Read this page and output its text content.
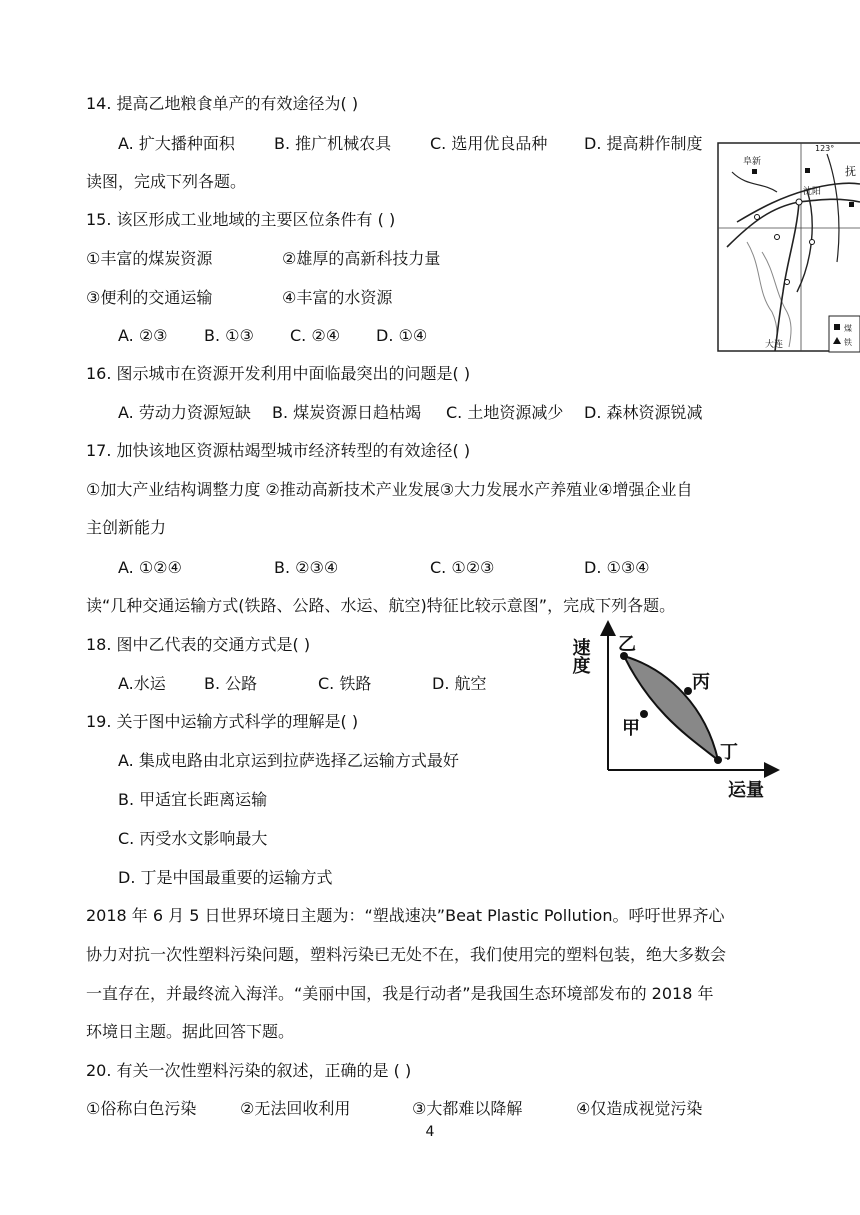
14. 提高乙地粮食单产的有效途径为( )
A. 扩大播种面积 B. 推广机械农具 C. 选用优良品种 D. 提高耕作制度
读图，完成下列各题。
15. 该区形成工业地域的主要区位条件有 ( )
①丰富的煤炭资源	②雄厚的高新科技力量
③便利的交通运输	④丰富的水资源
A. ②③ B. ①③ C. ②④ D. ①④
123°
阜新
沈阳
抚
大连
煤
铁
16. 图示城市在资源开发利用中面临最突出的问题是( )
A. 劳动力资源短缺 B. 煤炭资源日趋枯竭 C. 土地资源减少 D. 森林资源锐减
17. 加快该地区资源枯竭型城市经济转型的有效途径( )
①加大产业结构调整力度 ②推动高新技术产业发展③大力发展水产养殖业④增强企业自
主创新能力
A. ①②④	B. ②③④	C. ①②③	D. ①③④
读“几种交通运输方式(铁路、公路、水运、航空)特征比较示意图”，完成下列各题。
18. 图中乙代表的交通方式是( )
A.水运 B. 公路	C. 铁路	D. 航空
速度
运量
乙
丙
甲
丁
19. 关于图中运输方式科学的理解是( )
A. 集成电路由北京运到拉萨选择乙运输方式最好
B. 甲适宜长距离运输
C. 丙受水文影响最大
D. 丁是中国最重要的运输方式
2018 年 6 月 5 日世界环境日主题为：“塑战速决”Beat Plastic Pollution。呼吁世界齐心
协力对抗一次性塑料污染问题，塑料污染已无处不在，我们使用完的塑料包装，绝大多数会
一直存在，并最终流入海洋。“美丽中国，我是行动者”是我国生态环境部发布的 2018 年
环境日主题。据此回答下题。
20. 有关一次性塑料污染的叙述，正确的是 ( )
①俗称白色污染	②无法回收利用	③大都难以降解	④仅造成视觉污染
4
